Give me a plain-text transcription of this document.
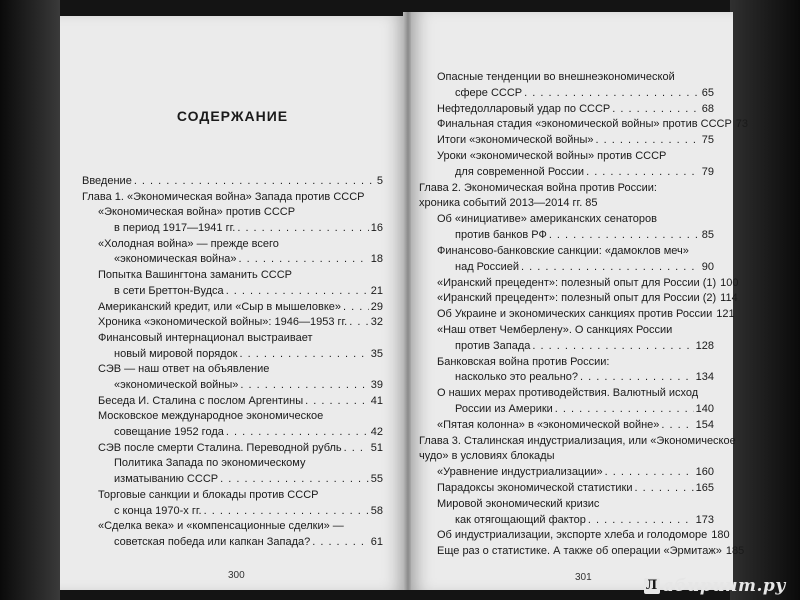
СОДЕРЖАНИЕ
Введение . . .	5
Глава 1. «Экономическая война» Запада против СССР
«Экономическая война» против СССР
в период 1917—1941 гг. . . .	16
«Холодная война» — прежде всего
«экономическая война» . . .	18
Попытка Вашингтона заманить СССР
в сети Бреттон-Вудса . . .	21
Американский кредит, или «Сыр в мышеловке» . . .	29
Хроника «экономической войны»: 1946—1953 гг. . . . 32
Финансовый интернационал выстраивает
новый мировой порядок . . .	35
СЭВ — наш ответ на объявление
«экономической войны» . . .	39
Беседа И. Сталина с послом Аргентины . . .	41
Московское международное экономическое
совещание 1952 года . . .	42
СЭВ после смерти Сталина. Переводной рубль . . .	51
Политика Запада по экономическому
изматыванию СССР . . .	55
Торговые санкции и блокады против СССР
с конца 1970-х гг. . . .	58
«Сделка века» и «компенсационные сделки» —
советская победа или капкан Запада? . . .	61
300
Опасные тенденции во внешнеэкономической
сфере СССР . . .	65
Нефтедолларовый удар по СССР . . .	68
Финальная стадия «экономической войны» против СССР 73
Итоги «экономической войны» . . .	75
Уроки «экономической войны» против СССР
для современной России . . .	79
Глава 2. Экономическая война против России:
хроника событий 2013—2014 гг. 85
Об «инициативе» американских сенаторов
против банков РФ . . .	85
Финансово-банковские санкции: «дамоклов меч»
над Россией . . .	90
«Иранский прецедент»: полезный опыт для России (1) 100
«Иранский прецедент»: полезный опыт для России (2) 114
Об Украине и экономических санкциях против России 121
«Наш ответ Чемберлену». О санкциях России
против Запада . . .	128
Банковская война против России:
насколько это реально? . . .	134
О наших мерах противодействия. Валютный исход
России из Америки . . .	140
«Пятая колонна» в «экономической войне» . . .	154
Глава 3. Сталинская индустриализация, или «Экономическое
чудо» в условиях блокады
«Уравнение индустриализации» . . .	160
Парадоксы экономической статистики . . .	165
Мировой экономический кризис
как отягощающий фактор . . .	173
Об индустриализации, экспорте хлеба и голодоморе 180
Еще раз о статистике. А также об операции «Эрмитаж» 185
301
Л абиринт.ру
